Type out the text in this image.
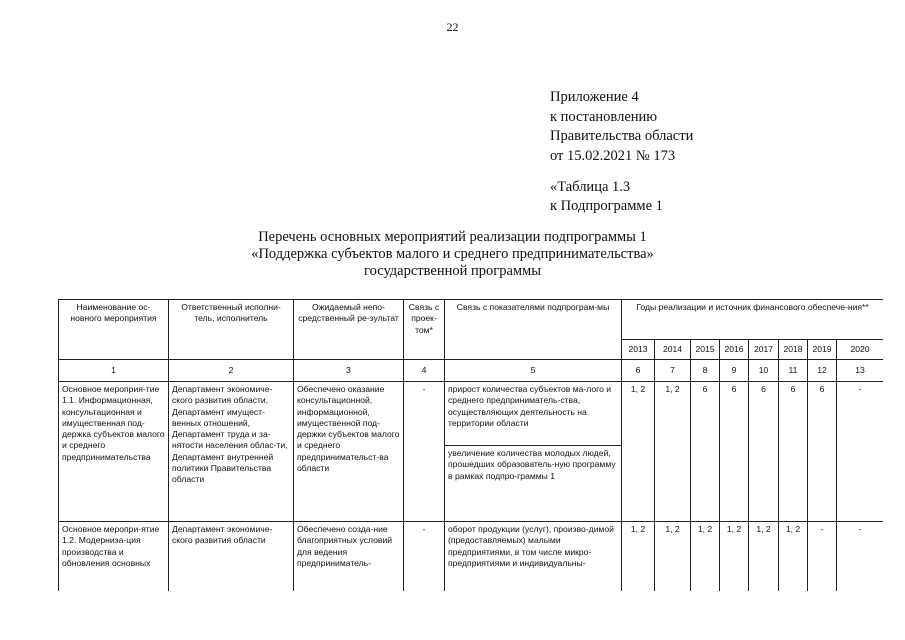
22
Приложение 4
к постановлению
Правительства области
от 15.02.2021 № 173
«Таблица 1.3
к Подпрограмме 1
Перечень основных мероприятий реализации подпрограммы 1
«Поддержка субъектов малого и среднего предпринимательства»
государственной программы
Наименование ос-новного мероприятия	Ответственный исполни-тель, исполнитель	Ожидаемый непо-средственный ре-зультат	Связь с проек-том*	Связь с показателями подпрограм-мы	Годы реализации и источник финансового обеспече-ния**							
					2013	2014	2015	2016	2017	2018	2019	2020
1	2	3	4	5	6	7	8	9	10	11	12	13
Основное мероприя-тие 1.1. Информационная, консультационная и имущественная под-держка субъектов малого и среднего предпринимательства	Департамент экономиче-ского развития области, Департамент имущест-венных отношений, Департамент труда и за-нятости населения облас-ти, Департамент внутренней политики Правительства области	Обеспечено оказание консультационной, информационной, имущественной под-держки субъектов малого и среднего предпринимательст-ва области	-	прирост количества субъектов ма-лого и среднего предприниматель-ства, осуществляющих деятельность на территории области	1, 2	1, 2	6	6	6	6	6	-
				увеличение количества молодых людей, прошедших образователь-ную программу в рамках подпро-граммы 1								
Основное меропри-ятие 1.2. Модерниза-ция производства и обновления основных	Департамент экономиче-ского развития области	Обеспечено созда-ние благоприятных условий для ведения предприниматель-	-	оборот продукции (услуг), произво-димой (предоставляемых) малыми предприятиями, в том числе микро-предприятиями и индивидуальны-	1, 2	1, 2	1, 2	1, 2	1, 2	1, 2	-	-
